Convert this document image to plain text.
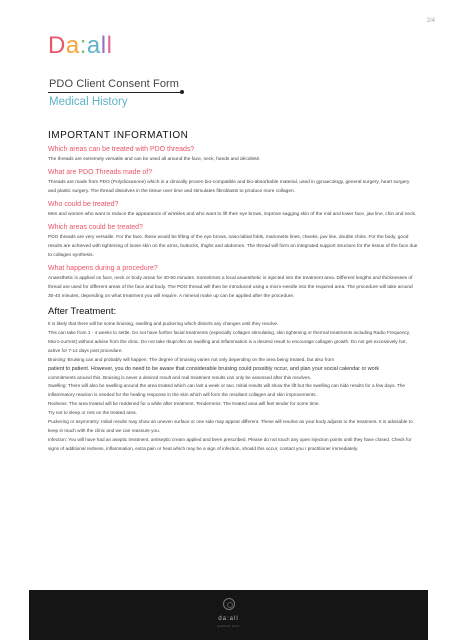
2/4
Da:all
PDO Client Consent Form
Medical History
IMPORTANT INFORMATION
Which areas can be treated with PDO threads?
The threads are extremely versatile and can be used all around the face, neck, hands and décolleté.
What are PDO Threads made of?
Threads are made from PDO (Polydioxanone) which is a clinically proven bio-compatible and bio-absorbable material, used in gynaecology, general surgery, heart surgery and plastic surgery. The thread dissolves in the tissue over time and stimulates fibroblasts to produce more collagen.
Who could be treated?
Men and women who want to reduce the appearance of wrinkles and who want to lift their eye brows, improve sagging skin of the mid and lower face, jaw line, chin and neck.
Which areas could be treated?
PDO threads are very versatile. For the face, these would be lifting of the eye brows, naso-labial folds, marionette lines, cheeks, jaw line, double chins. For the body, good results are achieved with tightening of loose skin on the arms, buttocks, thighs and abdomen. The thread will form an integrated support structure for the tissue of the face due to collagen synthesis.
What happens during a procedure?
Anaesthetic is applied on face, neck or body areas for 40-50 minutes. Sometimes a local anaesthetic is injected into the treatment area. Different lengths and thicknesses of thread are used for different areas of the face and body. The PDO thread will then be introduced using a micro-needle into the required area. The procedure will take around 30-40 minutes, depending on what treatment you will require. A mineral make up can be applied after the procedure.
After Treatment:

It is likely that there will be some bruising, swelling and puckering which distorts any changes until they resolve.

This can take from 1 - 4 weeks to settle. Do not have further facial treatments (especially collagen stimulating, skin tightening or thermal treatments including Radio Frequency, Micro-current) without advise from the clinic. Do not take Ibuprofen as swelling and inflammation is a desired result to encourage collagen growth. Do not get excessively hot, active for 7-14 days post procedure.

Bruising: Bruising can and probably will happen. The degree of bruising varies not only depending on the area being treated, but also from

patient to patient. However, you do need to be aware that considerable bruising could possibly occur, and plan your social calendar or work

commitments around this. Bruising is never a desired result and real treatment results can only be assessed after this resolves.

Swelling: There will also be swelling around the area treated which can last a week or two. Initial results will show the lift but the swelling can hide results for a few days. The inflammatory reaction is needed for the healing response in the skin which will form the resultant collagen and skin improvements.

Redness: The area treated will be reddened for a while after treatment. Tenderness: The treated area will feel tender for some time.

Try not to sleep or rest on the treated area.

Puckering or asymmetry: Initial results may show an uneven surface or one side may appear different. These will resolve as your body adjusts to the treatment. It is advisable to keep in touch with the clinic and we can reassure you.

Infection: You will have had an aseptic treatment, antiseptic cream applied and been prescribed. Please do not touch any open injection points until they have closed. Check for signs of additional redness, inflammation, extra pain or heat which may be a sign of infection, should this occur, contact you r practitioner immediately.

da:all
aesthetic clinic
